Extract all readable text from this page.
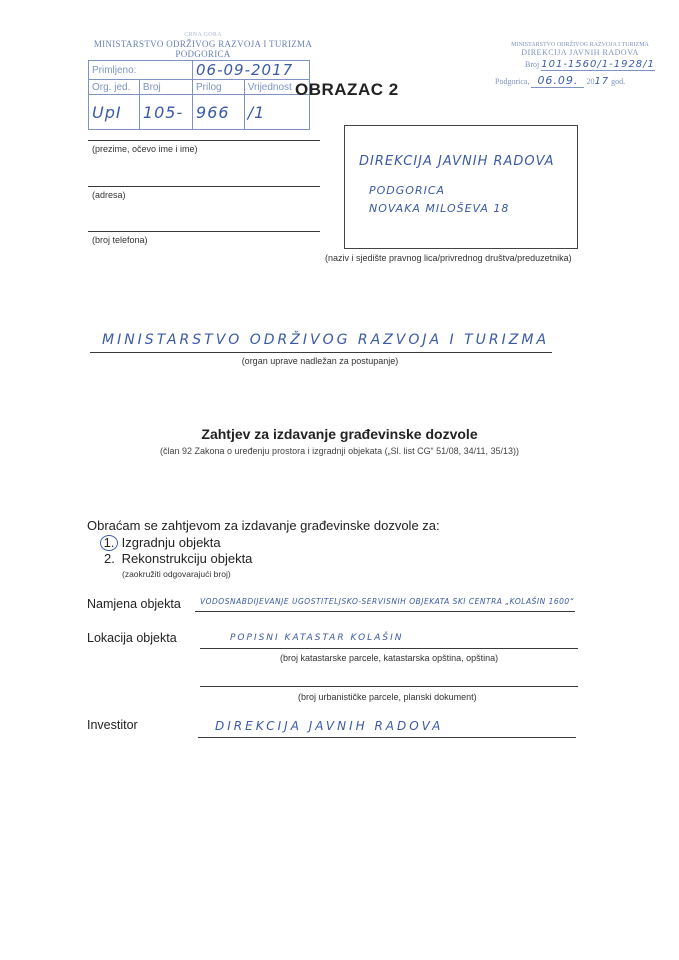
CRNA GORA
MINISTARSTVO ODRŽIVOG RAZVOJA I TURIZMA
PODGORICA
Primljeno:		06-09-2017	
Org. jed.	Broj	Prilog	Vrijednost
UpI	105-	966	/1
MINISTARSTVO ODRŽIVOG RAZVOJA I TURIZMA
DIREKCIJA JAVNIH RADOVA
Broj 101-1560/1-1928/1
Podgorica, 06.09. 2017 god.
OBRAZAC 2
(prezime, očevo ime i ime)
(adresa)
(broj telefona)
DIREKCIJA JAVNIH RADOVA
PODGORICA
NOVAKA MILOŠEVA 18
(naziv i sjedište pravnog lica/privrednog društva/preduzetnika)
MINISTARSTVO ODRŽIVOG RAZVOJA I TURIZMA
(organ uprave nadležan za postupanje)
Zahtjev za izdavanje građevinske dozvole
(član 92 Zakona o uređenju prostora i izgradnji objekata („Sl. list CG“ 51/08, 34/11, 35/13))
Obraćam se zahtjevom za izdavanje građevinske dozvole za:
1. Izgradnju objekta
2. Rekonstrukciju objekta
(zaokružiti odgovarajući broj)
Namjena objekta	VODOSNABDIJEVANJE UGOSTITELJSKO-SERVISNIH OBJEKATA SKI CENTRA „KOLAŠIN 1600“
Lokacija objekta	POPISNI KATASTAR KOLAŠIN
(broj katastarske parcele, katastarska opština, opština)
(broj urbanističke parcele, planski dokument)
Investitor	DIREKCIJA JAVNIH RADOVA
